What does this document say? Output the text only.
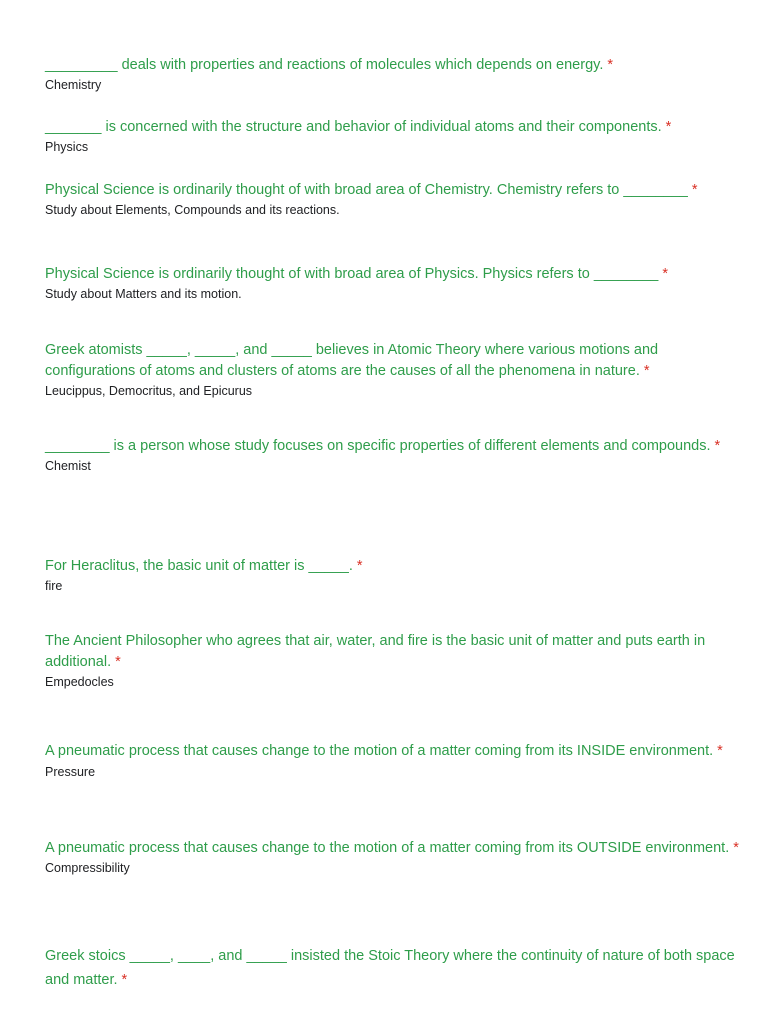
_________ deals with properties and reactions of molecules which depends on energy. *

Chemistry

_______ is concerned with the structure and behavior of individual atoms and their components. *

Physics

Physical Science is ordinarily thought of with broad area of Chemistry. Chemistry refers to ________ *

Study about Elements, Compounds and its reactions.

Physical Science is ordinarily thought of with broad area of Physics. Physics refers to ________ *

Study about Matters and its motion.

Greek atomists _____, _____, and _____ believes in Atomic Theory where various motions and configurations of atoms and clusters of atoms are the causes of all the phenomena in nature. *

Leucippus, Democritus, and Epicurus

________ is a person whose study focuses on specific properties of different elements and compounds. *

Chemist

For Heraclitus, the basic unit of matter is _____. *

fire

The Ancient Philosopher who agrees that air, water, and fire is the basic unit of matter and puts earth in additional. *

Empedocles

A pneumatic process that causes change to the motion of a matter coming from its INSIDE environment. *

Pressure

A pneumatic process that causes change to the motion of a matter coming from its OUTSIDE environment. *

Compressibility

Greek stoics _____, ____, and _____ insisted the Stoic Theory where the continuity of nature of both space and matter. *
